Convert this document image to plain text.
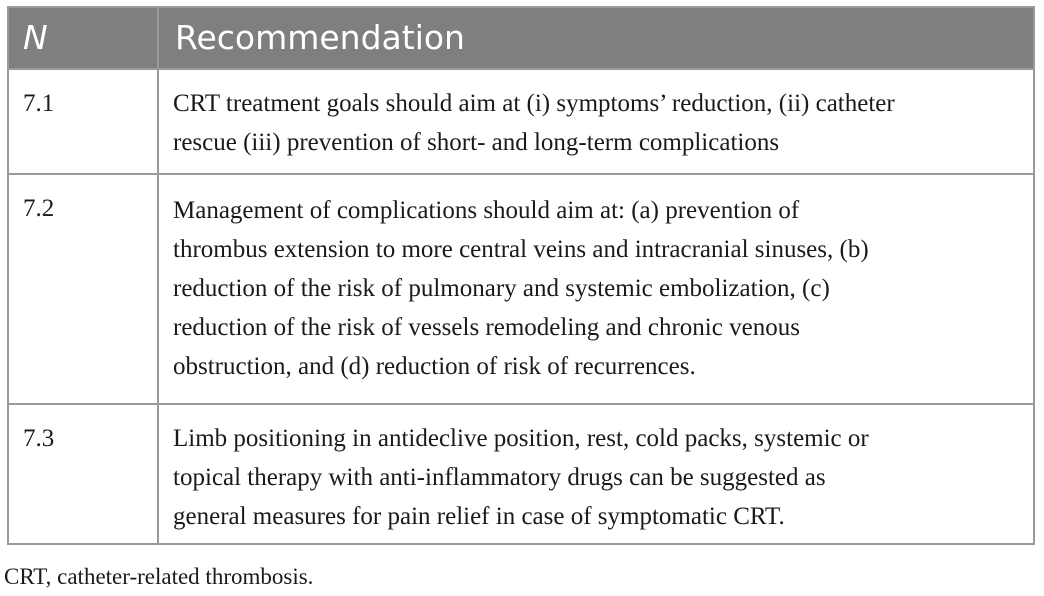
N	Recommendation
7.1	CRT treatment goals should aim at (i) symptoms’ reduction, (ii) catheter
rescue (iii) prevention of short- and long-term complications
7.2	Management of complications should aim at: (a) prevention of
thrombus extension to more central veins and intracranial sinuses, (b)
reduction of the risk of pulmonary and systemic embolization, (c)
reduction of the risk of vessels remodeling and chronic venous
obstruction, and (d) reduction of risk of recurrences.
7.3	Limb positioning in antideclive position, rest, cold packs, systemic or
topical therapy with anti-inflammatory drugs can be suggested as
general measures for pain relief in case of symptomatic CRT.
CRT, catheter-related thrombosis.
